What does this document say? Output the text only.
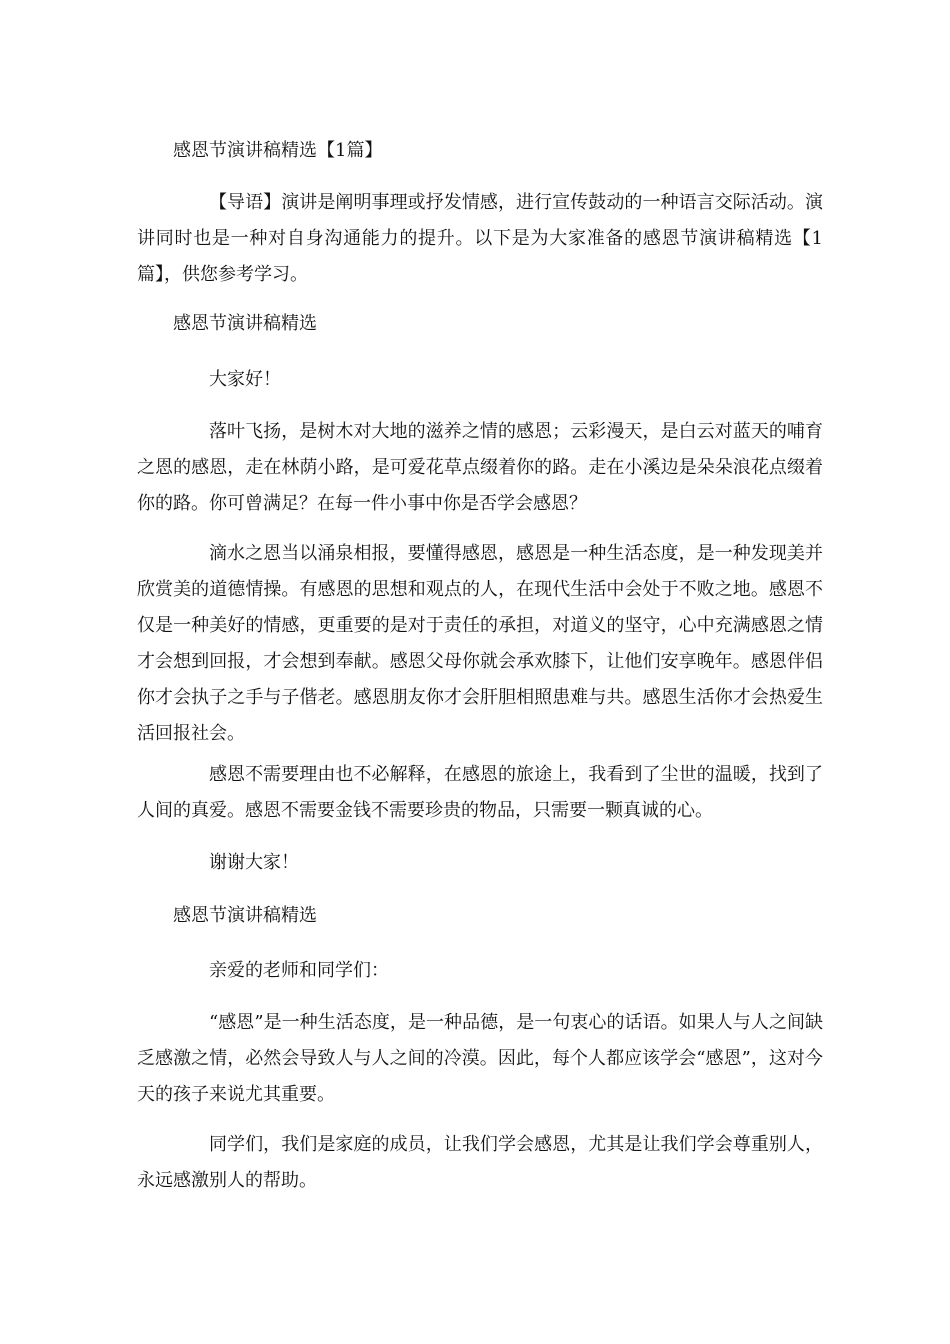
感恩节演讲稿精选【1篇】

【导语】演讲是阐明事理或抒发情感，进行宣传鼓动的一种语言交际活动。演讲同时也是一种对自身沟通能力的提升。以下是为大家准备的感恩节演讲稿精选【1篇】，供您参考学习。

感恩节演讲稿精选
大家好！

落叶飞扬，是树木对大地的滋养之情的感恩；云彩漫天，是白云对蓝天的哺育之恩的感恩，走在林荫小路，是可爱花草点缀着你的路。走在小溪边是朵朵浪花点缀着你的路。你可曾满足？在每一件小事中你是否学会感恩？

滴水之恩当以涌泉相报，要懂得感恩，感恩是一种生活态度，是一种发现美并欣赏美的道德情操。有感恩的思想和观点的人，在现代生活中会处于不败之地。感恩不仅是一种美好的情感，更重要的是对于责任的承担，对道义的坚守，心中充满感恩之情才会想到回报，才会想到奉献。感恩父母你就会承欢膝下，让他们安享晚年。感恩伴侣你才会执子之手与子偕老。感恩朋友你才会肝胆相照患难与共。感恩生活你才会热爱生活回报社会。

感恩不需要理由也不必解释，在感恩的旅途上，我看到了尘世的温暖，找到了人间的真爱。感恩不需要金钱不需要珍贵的物品，只需要一颗真诚的心。

谢谢大家！
感恩节演讲稿精选
亲爱的老师和同学们：

“感恩”是一种生活态度，是一种品德，是一句衷心的话语。如果人与人之间缺乏感激之情，必然会导致人与人之间的冷漠。因此，每个人都应该学会“感恩”，这对今天的孩子来说尤其重要。

同学们，我们是家庭的成员，让我们学会感恩，尤其是让我们学会尊重别人，永远感激别人的帮助。
